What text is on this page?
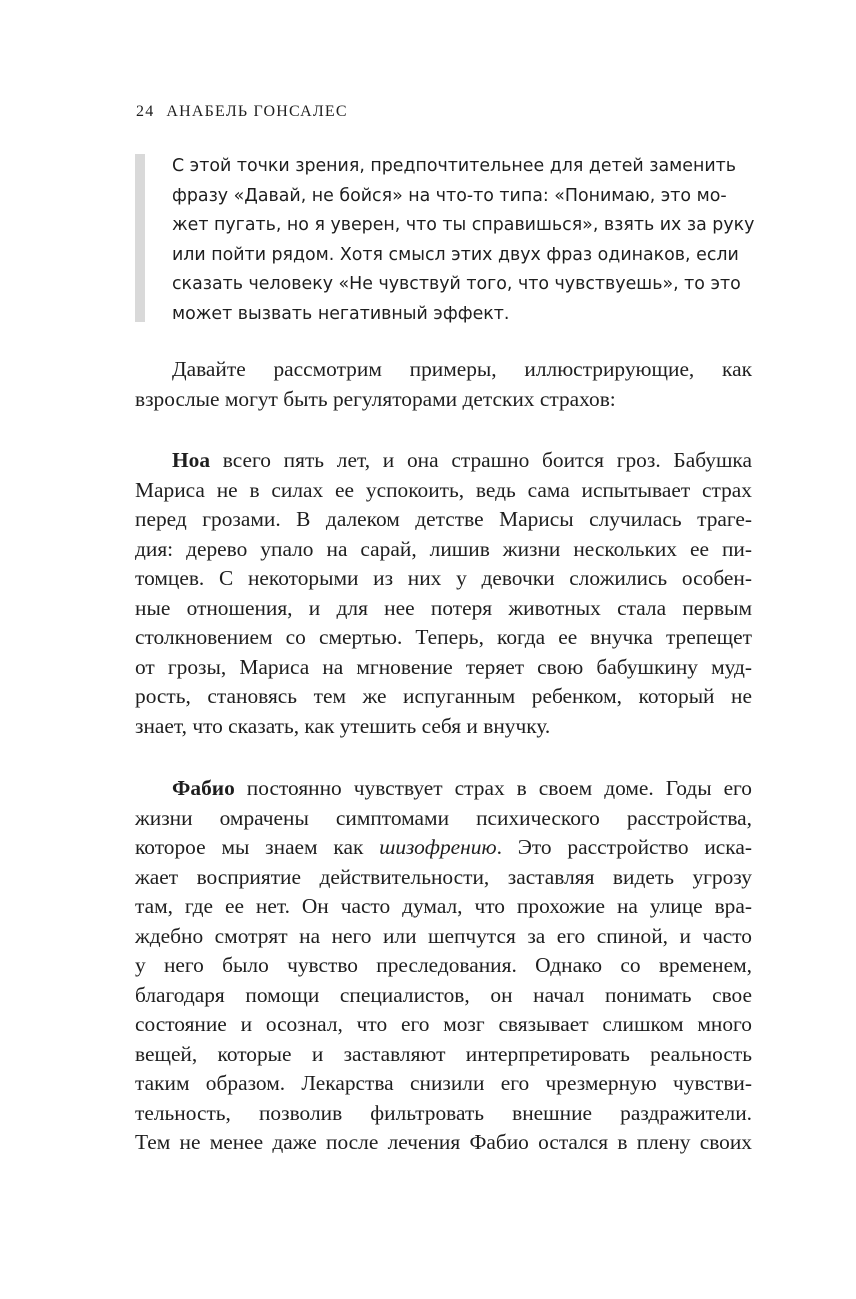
24 АНАБЕЛЬ ГОНСАЛЕС
С этой точки зрения, предпочтительнее для детей заменить
фразу «Давай, не бойся» на что-то типа: «Понимаю, это мо-
жет пугать, но я уверен, что ты справишься», взять их за руку
или пойти рядом. Хотя смысл этих двух фраз одинаков, если
сказать человеку «Не чувствуй того, что чувствуешь», то это
может вызвать негативный эффект.
Давайте рассмотрим примеры, иллюстрирующие, как
взрослые могут быть регуляторами детских страхов:
Ноа всего пять лет, и она страшно боится гроз. Бабушка
Мариса не в силах ее успокоить, ведь сама испытывает страх
перед грозами. В далеком детстве Марисы случилась траге-
дия: дерево упало на сарай, лишив жизни нескольких ее пи-
томцев. С некоторыми из них у девочки сложились особен-
ные отношения, и для нее потеря животных стала первым
столкновением со смертью. Теперь, когда ее внучка трепещет
от грозы, Мариса на мгновение теряет свою бабушкину муд-
рость, становясь тем же испуганным ребенком, который не
знает, что сказать, как утешить себя и внучку.
Фабио постоянно чувствует страх в своем доме. Годы его
жизни омрачены симптомами психического расстройства,
которое мы знаем как шизофрению. Это расстройство иска-
жает восприятие действительности, заставляя видеть угрозу
там, где ее нет. Он часто думал, что прохожие на улице вра-
ждебно смотрят на него или шепчутся за его спиной, и часто
у него было чувство преследования. Однако со временем,
благодаря помощи специалистов, он начал понимать свое
состояние и осознал, что его мозг связывает слишком много
вещей, которые и заставляют интерпретировать реальность
таким образом. Лекарства снизили его чрезмерную чувстви-
тельность, позволив фильтровать внешние раздражители.
Тем не менее даже после лечения Фабио остался в плену своих
